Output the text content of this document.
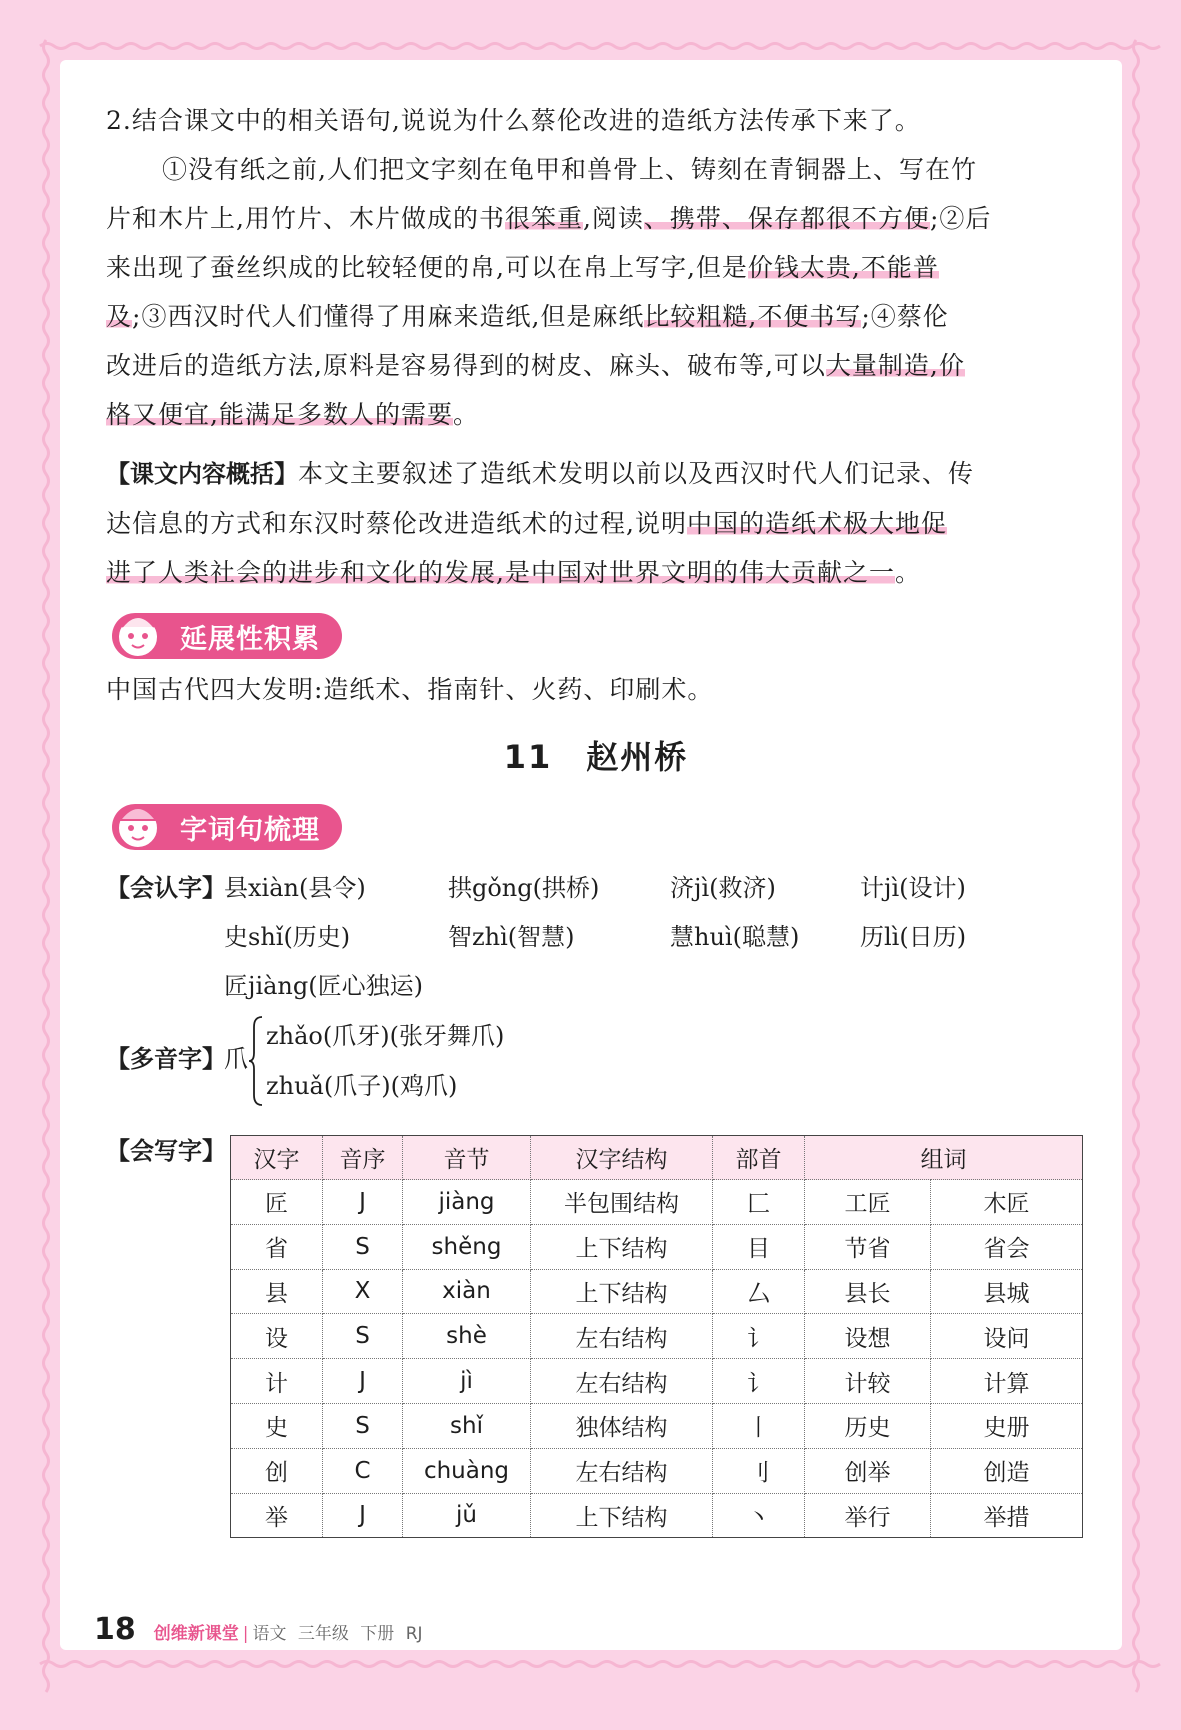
2.结合课文中的相关语句,说说为什么蔡伦改进的造纸方法传承下来了。
①没有纸之前,人们把文字刻在龟甲和兽骨上、铸刻在青铜器上、写在竹
片和木片上,用竹片、木片做成的书很笨重,阅读、携带、保存都很不方便;②后
来出现了蚕丝织成的比较轻便的帛,可以在帛上写字,但是价钱太贵,不能普
及;③西汉时代人们懂得了用麻来造纸,但是麻纸比较粗糙,不便书写;④蔡伦
改进后的造纸方法,原料是容易得到的树皮、麻头、破布等,可以大量制造,价
格又便宜,能满足多数人的需要。
【课文内容概括】本文主要叙述了造纸术发明以前以及西汉时代人们记录、传
达信息的方式和东汉时蔡伦改进造纸术的过程,说明中国的造纸术极大地促
进了人类社会的进步和文化的发展,是中国对世界文明的伟大贡献之一。
延展性积累
中国古代四大发明:造纸术、指南针、火药、印刷术。
11 赵州桥
字词句梳理
【会认字】
县xiàn(县令)	拱gǒng(拱桥)	济jì(救济)	计jì(设计)
史shǐ(历史)	智zhì(智慧)	慧huì(聪慧)	历lì(日历)
匠jiàng(匠心独运)
【多音字】
爪
zhǎo(爪牙)(张牙舞爪)
zhuǎ(爪子)(鸡爪)
【会写字】 汉字	音序	音节	汉字结构	部首	组词	
匠	J	jiàng	半包围结构	匚	工匠	木匠
省	S	shěng	上下结构	目	节省	省会
县	X	xiàn	上下结构	厶	县长	县城
设	S	shè	左右结构	讠	设想	设问
计	J	jì	左右结构	讠	计较	计算
史	S	shǐ	独体结构	丨	历史	史册
创	C	chuàng	左右结构	刂	创举	创造
举	J	jǔ	上下结构	丶	举行	举措
18 创维新课堂 | 语文 三年级 下册 RJ
